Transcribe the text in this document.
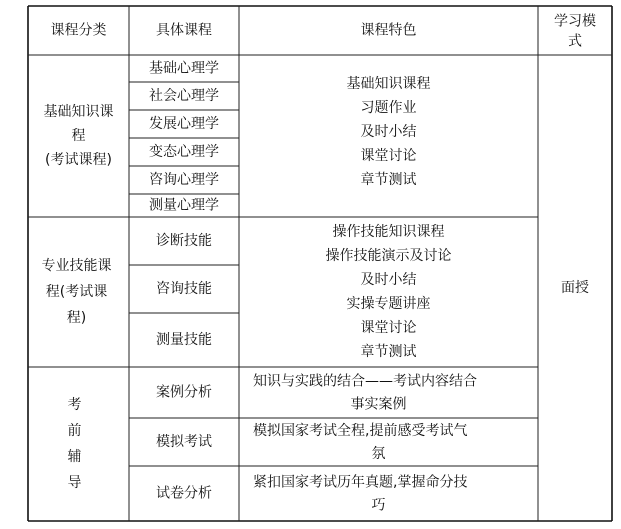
课程分类	具体课程	课程特色
学习模
式
面授
基础知识课
程
(考试课程)
基础心理学
社会心理学
发展心理学
变态心理学
咨询心理学
测量心理学
基础知识课程
习题作业
及时小结
课堂讨论
章节测试
专业技能课
程(考试课
程)
诊断技能
咨询技能
测量技能
操作技能知识课程
操作技能演示及讨论
及时小结
实操专题讲座
课堂讨论
章节测试
考
前
辅
导
案例分析
模拟考试
试卷分析
知识与实践的结合——考试内容结合
事实案例
模拟国家考试全程,提前感受考试气
氛
紧扣国家考试历年真题,掌握命分技
巧
